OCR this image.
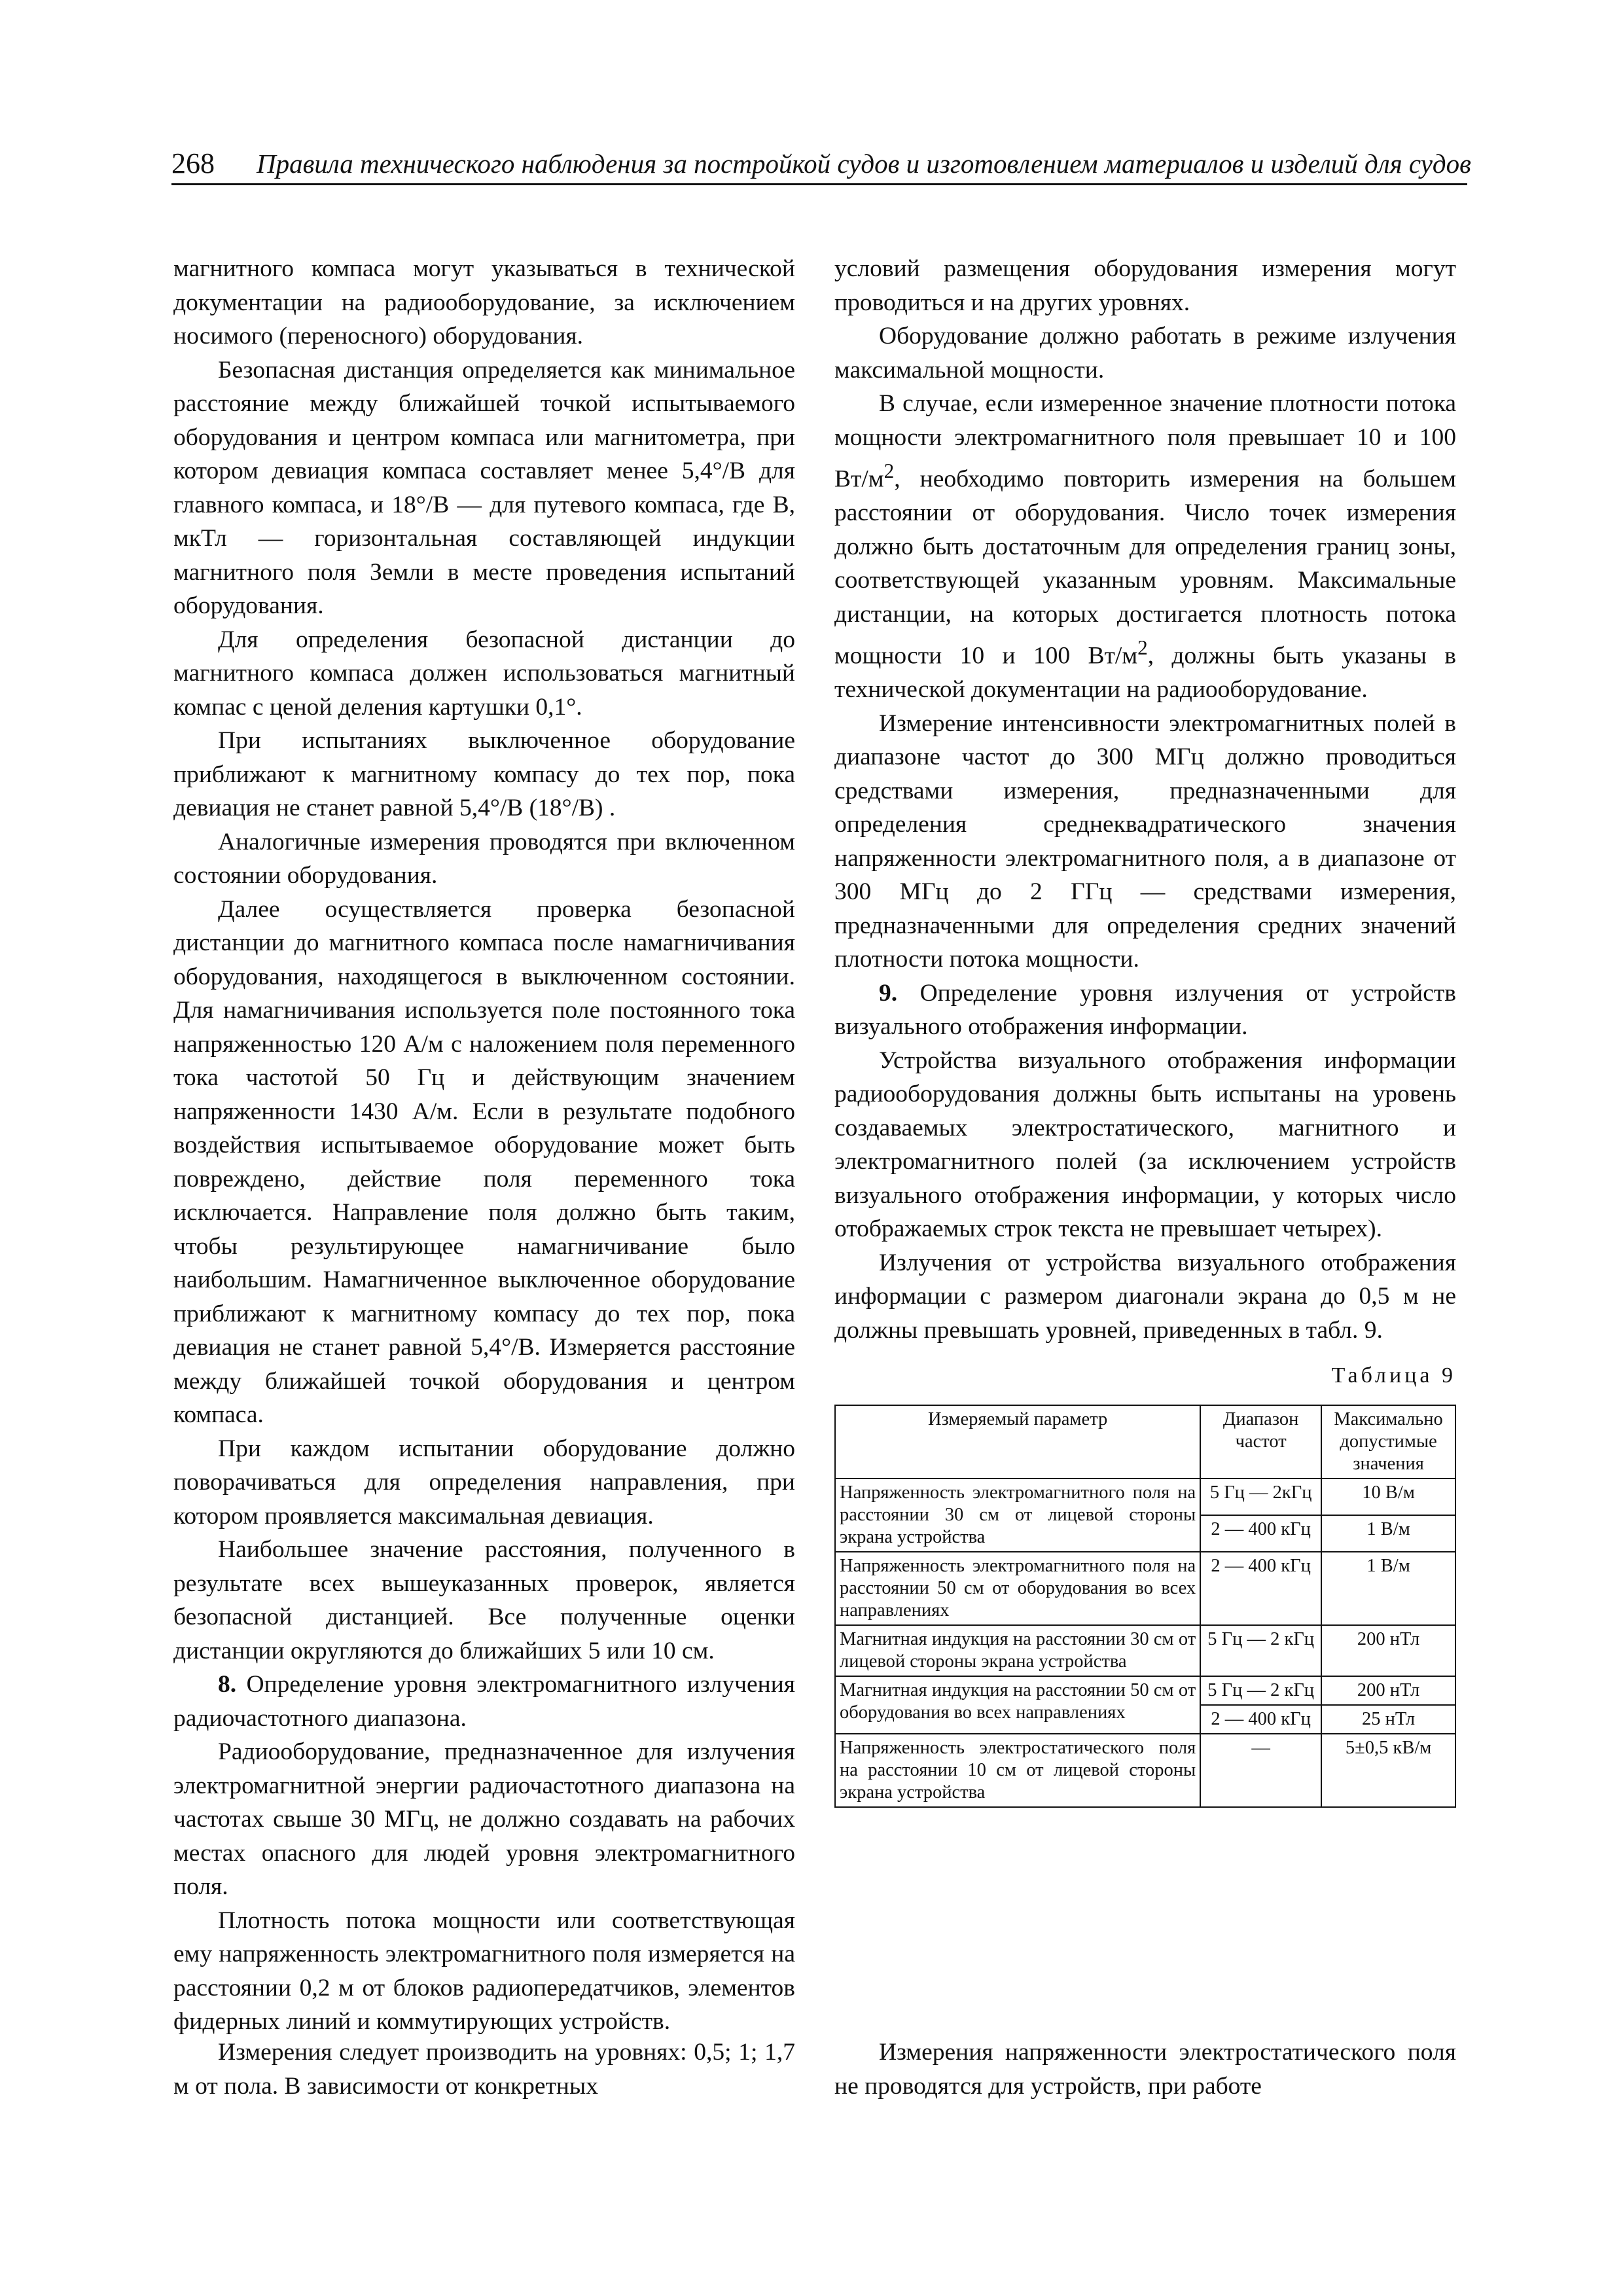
268 Правила технического наблюдения за постройкой судов и изготовлением материалов и изделий для судов

магнитного компаса могут указываться в технической документации на радиооборудование, за исключением носимого (переносного) оборудования.

Безопасная дистанция определяется как минимальное расстояние между ближайшей точкой испытываемого оборудования и центром компаса или магнитометра, при котором девиация компаса составляет менее 5,4°/B для главного компаса, и 18°/B — для путевого компаса, где B, мкТл — горизонтальная составляющей индукции магнитного поля Земли в месте проведения испытаний оборудования.

Для определения безопасной дистанции до магнитного компаса должен использоваться магнитный компас с ценой деления картушки 0,1°.

При испытаниях выключенное оборудование приближают к магнитному компасу до тех пор, пока девиация не станет равной 5,4°/B (18°/B) .

Аналогичные измерения проводятся при включенном состоянии оборудования.

Далее осуществляется проверка безопасной дистанции до магнитного компаса после намагничивания оборудования, находящегося в выключенном состоянии. Для намагничивания используется поле постоянного тока напряженностью 120 А/м с наложением поля переменного тока частотой 50 Гц и действующим значением напряженности 1430 А/м. Если в результате подобного воздействия испытываемое оборудование может быть повреждено, действие поля переменного тока исключается. Направление поля должно быть таким, чтобы результирующее намагничивание было наибольшим. Намагниченное выключенное оборудование приближают к магнитному компасу до тех пор, пока девиация не станет равной 5,4°/B. Измеряется расстояние между ближайшей точкой оборудования и центром компаса.

При каждом испытании оборудование должно поворачиваться для определения направления, при котором проявляется максимальная девиация.

Наибольшее значение расстояния, полученного в результате всех вышеуказанных проверок, является безопасной дистанцией. Все полученные оценки дистанции округляются до ближайших 5 или 10 см.

8. Определение уровня электромагнитного излучения радиочастотного диапазона.

Радиооборудование, предназначенное для излучения электромагнитной энергии радиочастотного диапазона на частотах свыше 30 МГц, не должно создавать на рабочих местах опасного для людей уровня электромагнитного поля.

Плотность потока мощности или соответствующая ему напряженность электромагнитного поля измеряется на расстоянии 0,2 м от блоков радиопередатчиков, элементов фидерных линий и коммутирующих устройств.

условий размещения оборудования измерения могут проводиться и на других уровнях.

Оборудование должно работать в режиме излучения максимальной мощности.

В случае, если измеренное значение плотности потока мощности электромагнитного поля превышает 10 и 100 $Вт/м^2$, необходимо повторить измерения на большем расстоянии от оборудования. Число точек измерения должно быть достаточным для определения границ зоны, соответствующей указанным уровням. Максимальные дистанции, на которых достигается плотность потока мощности 10 и 100 $Вт/м^2$, должны быть указаны в технической документации на радиооборудование.

Измерение интенсивности электромагнитных полей в диапазоне частот до 300 МГц должно проводиться средствами измерения, предназначенными для определения среднеквадратического значения напряженности электромагнитного поля, а в диапазоне от 300 МГц до 2 ГГц — средствами измерения, предназначенными для определения средних значений плотности потока мощности.

9. Определение уровня излучения от устройств визуального отображения информации.

Устройства визуального отображения информации радиооборудования должны быть испытаны на уровень создаваемых электростатического, магнитного и электромагнитного полей (за исключением устройств визуального отображения информации, у которых число отображаемых строк текста не превышает четырех).

Излучения от устройства визуального отображения информации с размером диагонали экрана до 0,5 м не должны превышать уровней, приведенных в табл. 9.

Таблица 9
Измеряемый параметр	Диапазон частот	Максимально допустимые значения
Напряженность электромагнитного поля на расстоянии 30 см от лицевой стороны экрана устройства	5 Гц — 2кГц	10 В/м
	2 — 400 кГц	1 В/м
Напряженность электромагнитного поля на расстоянии 50 см от оборудования во всех направлениях	2 — 400 кГц	1 В/м
Магнитная индукция на расстоянии 30 см от лицевой стороны экрана устройства	5 Гц — 2 кГц	200 нТл
Магнитная индукция на расстоянии 50 см от оборудования во всех направлениях	5 Гц — 2 кГц	200 нТл
	2 — 400 кГц	25 нТл
Напряженность электростатического поля на расстоянии 10 см от лицевой стороны экрана устройства	—	5±0,5 кВ/м

Измерения следует производить на уровнях: 0,5; 1; 1,7 м от пола. В зависимости от конкретных

Измерения напряженности электростатического поля не проводятся для устройств, при работе
